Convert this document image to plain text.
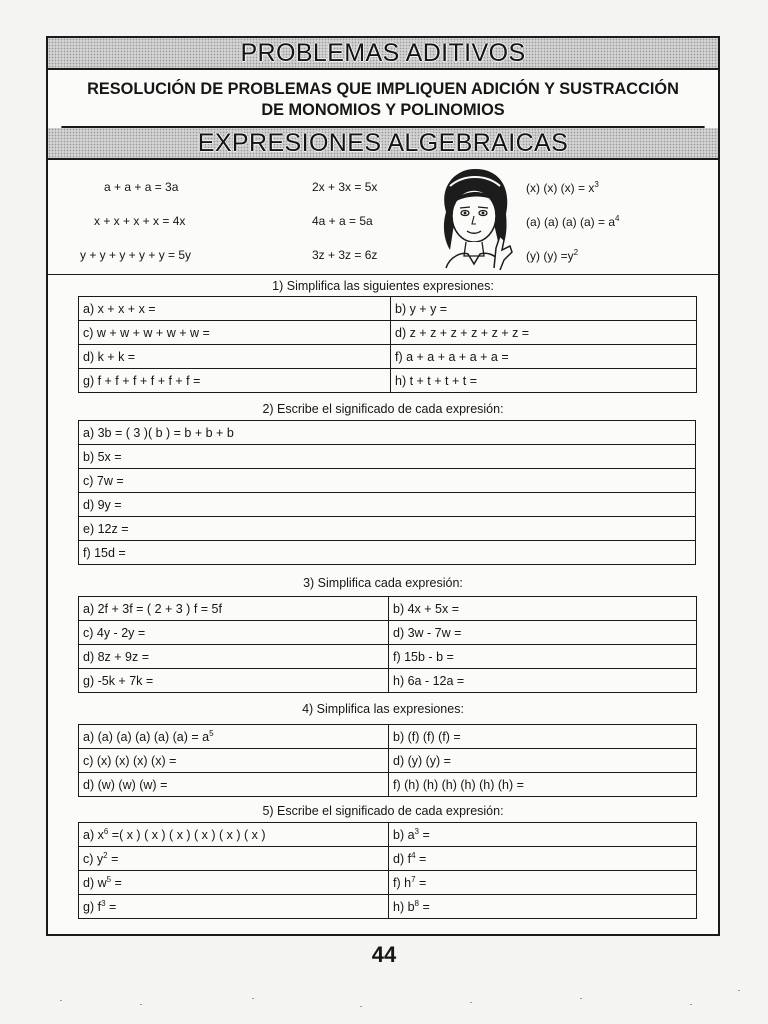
PROBLEMAS ADITIVOS
RESOLUCIÓN DE PROBLEMAS QUE IMPLIQUEN ADICIÓN Y SUSTRACCIÓN
DE MONOMIOS Y POLINOMIOS
EXPRESIONES ALGEBRAICAS
a + a + a = 3a
x + x + x + x = 4x
y + y + y + y + y = 5y
2x + 3x = 5x
4a + a = 5a
3z + 3z = 6z
(x) (x) $(x) = x^3$
(a) (a) (a) $(a) = a^4$
(y) $(y) =y^2$
1) Simplifica las siguientes expresiones:
a) x + x + x =	b) y + y =
c) w + w + w + w + w =	d) z + z + z + z + z + z =
d) k + k =	f) a + a + a + a + a =
g) f + f + f + f + f + f =	h) t + t + t + t =
2) Escribe el significado de cada expresión:
a) 3b = ( 3 )( b ) = b + b + b
b) 5x =
c) 7w =
d) 9y =
e) 12z =
f) 15d =
3) Simplifica cada expresión:
a) 2f + 3f = ( 2 + 3 ) f = 5f	b) 4x + 5x =
c) 4y - 2y =	d) 3w - 7w =
d) 8z + 9z =	f) 15b - b =
g) -5k + 7k =	h) 6a - 12a =
4) Simplifica las expresiones:
a) (a) (a) (a) (a) $(a) = a^5$	b) (f) (f) (f) =
c) (x) (x) (x) (x) =	d) (y) (y) =
d) (w) (w) (w) =	f) (h) (h) (h) (h) (h) (h) =
5) Escribe el significado de cada expresión:
a) $x^6$ =( x ) ( x ) ( x ) ( x ) ( x ) ( x )	b) $a^3$ =
c) $y^2$ =	d) $f^4$ =
d) $w^5$ =	f) $h^7$ =
g) $f^3$ =	h) $b^8$ =
44
